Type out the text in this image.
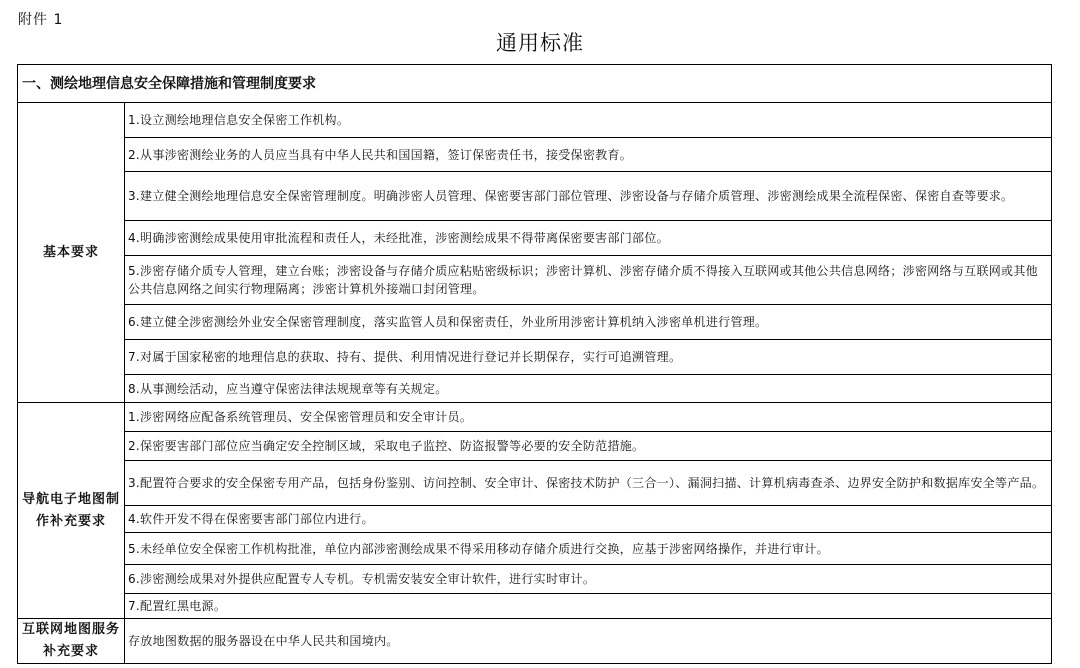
附件 1
通用标准
一、测绘地理信息安全保障措施和管理制度要求	
基本要求	1.设立测绘地理信息安全保密工作机构。
	2.从事涉密测绘业务的人员应当具有中华人民共和国国籍，签订保密责任书，接受保密教育。
	3.建立健全测绘地理信息安全保密管理制度。明确涉密人员管理、保密要害部门部位管理、涉密设备与存储介质管理、涉密测绘成果全流程保密、保密自查等要求。
	4.明确涉密测绘成果使用审批流程和责任人，未经批准，涉密测绘成果不得带离保密要害部门部位。
	5.涉密存储介质专人管理，建立台账；涉密设备与存储介质应粘贴密级标识；涉密计算机、涉密存储介质不得接入互联网或其他公共信息网络；涉密网络与互联网或其他公共信息网络之间实行物理隔离；涉密计算机外接端口封闭管理。
	6.建立健全涉密测绘外业安全保密管理制度，落实监管人员和保密责任，外业所用涉密计算机纳入涉密单机进行管理。
	7.对属于国家秘密的地理信息的获取、持有、提供、利用情况进行登记并长期保存，实行可追溯管理。
	8.从事测绘活动，应当遵守保密法律法规规章等有关规定。
导航电子地图制作补充要求	1.涉密网络应配备系统管理员、安全保密管理员和安全审计员。
	2.保密要害部门部位应当确定安全控制区域，采取电子监控、防盗报警等必要的安全防范措施。
	3.配置符合要求的安全保密专用产品，包括身份鉴别、访问控制、安全审计、保密技术防护（三合一）、漏洞扫描、计算机病毒查杀、边界安全防护和数据库安全等产品。
	4.软件开发不得在保密要害部门部位内进行。
	5.未经单位安全保密工作机构批准，单位内部涉密测绘成果不得采用移动存储介质进行交换，应基于涉密网络操作，并进行审计。
	6.涉密测绘成果对外提供应配置专人专机。专机需安装安全审计软件，进行实时审计。
	7.配置红黑电源。
互联网地图服务补充要求	存放地图数据的服务器设在中华人民共和国境内。
